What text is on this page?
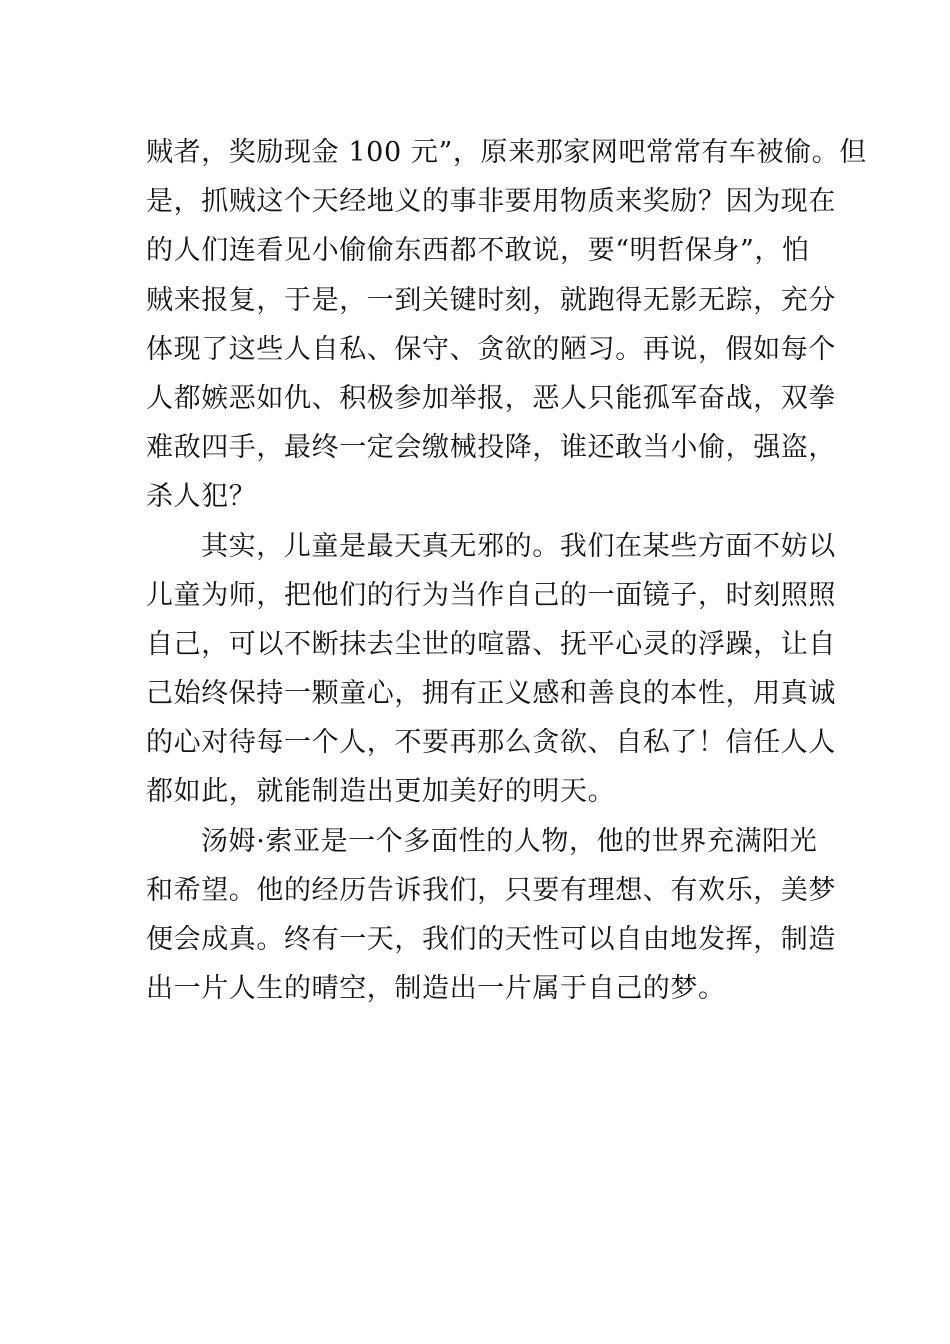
贼者，奖励现金 100 元”，原来那家网吧常常有车被偷。但
是，抓贼这个天经地义的事非要用物质来奖励？因为现在
的人们连看见小偷偷东西都不敢说，要“明哲保身”，怕
贼来报复，于是，一到关键时刻，就跑得无影无踪，充分
体现了这些人自私、保守、贪欲的陋习。再说，假如每个
人都嫉恶如仇、积极参加举报，恶人只能孤军奋战，双拳
难敌四手，最终一定会缴械投降，谁还敢当小偷，强盗，
杀人犯？
其实，儿童是最天真无邪的。我们在某些方面不妨以
儿童为师，把他们的行为当作自己的一面镜子，时刻照照
自己，可以不断抹去尘世的喧嚣、抚平心灵的浮躁，让自
己始终保持一颗童心，拥有正义感和善良的本性，用真诚
的心对待每一个人，不要再那么贪欲、自私了！信任人人
都如此，就能制造出更加美好的明天。
汤姆·索亚是一个多面性的人物，他的世界充满阳光
和希望。他的经历告诉我们，只要有理想、有欢乐，美梦
便会成真。终有一天，我们的天性可以自由地发挥，制造
出一片人生的晴空，制造出一片属于自己的梦。
